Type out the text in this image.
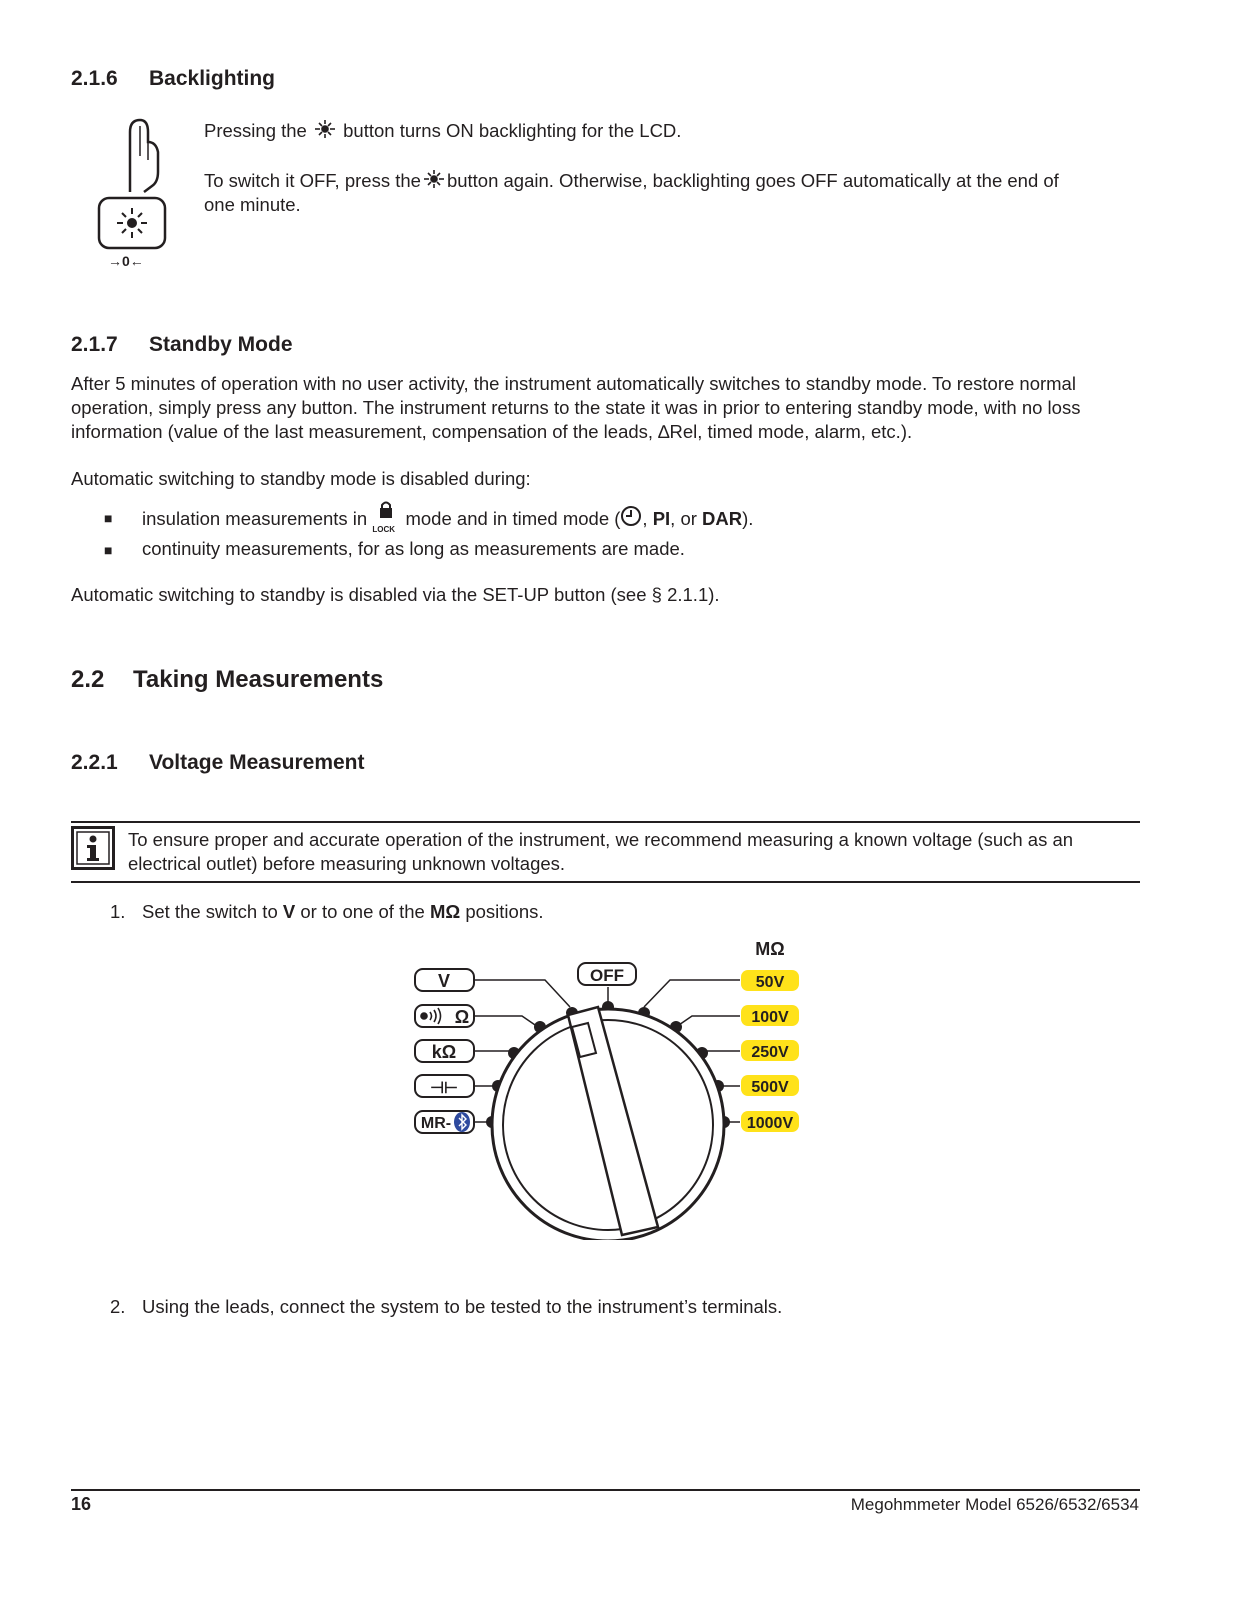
2.1.6 Backlighting
→0←
Pressing the button turns ON backlighting for the LCD.
To switch it OFF, press the button again. Otherwise, backlighting goes OFF automatically at the end of
one minute.
2.1.7 Standby Mode
After 5 minutes of operation with no user activity, the instrument automatically switches to standby mode. To restore normal
operation, simply press any button. The instrument returns to the state it was in prior to entering standby mode, with no loss
information (value of the last measurement, compensation of the leads, ∆Rel, timed mode, alarm, etc.).
Automatic switching to standby mode is disabled during:
■ insulation measurements in
LOCK
mode and in timed mode ( , PI, or DAR).
■ continuity measurements, for as long as measurements are made.
Automatic switching to standby is disabled via the SET-UP button (see § 2.1.1).
2.2 Taking Measurements
2.2.1 Voltage Measurement
To ensure proper and accurate operation of the instrument, we recommend measuring a known voltage (such as an
electrical outlet) before measuring unknown voltages.
1. Set the switch to V or to one of the MΩ positions.
V
Ω
kΩ
⊣⊢
MR-
OFF
MΩ
50V
100V
250V
500V
1000V
2. Using the leads, connect the system to be tested to the instrument’s terminals.
16	Megohmmeter Model 6526/6532/6534
